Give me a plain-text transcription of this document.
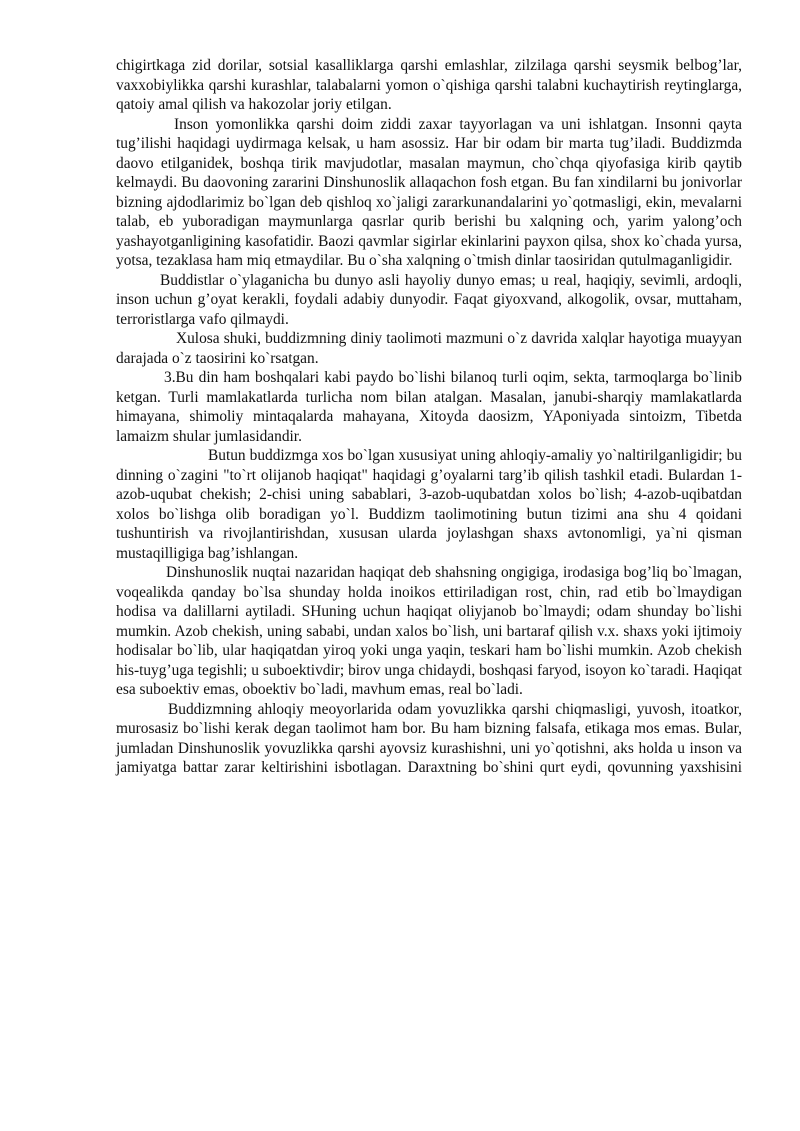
chigirtkaga zid dorilar, sotsial kasalliklarga qarshi emlashlar, zilzilaga qarshi seysmik belbog’lar, vaxxobiylikka qarshi kurashlar, talabalarni yomon o`qishiga qarshi talabni kuchaytirish reytinglarga, qatoiy amal qilish va hakozolar joriy etilgan.

Inson yomonlikka qarshi doim ziddi zaxar tayyorlagan va uni ishlatgan. Insonni qayta tug’ilishi haqidagi uydirmaga kelsak, u ham asossiz. Har bir odam bir marta tug’iladi. Buddizmda daovo etilganidek, boshqa tirik mavjudotlar, masalan maymun, cho`chqa qiyofasiga kirib qaytib kelmaydi. Bu daovoning zararini Dinshunoslik allaqachon fosh etgan. Bu fan xindilarni bu jonivorlar bizning ajdodlarimiz bo`lgan deb qishloq xo`jaligi zararkunandalarini yo`qotmasligi, ekin, mevalarni talab, eb yuboradigan maymunlarga qasrlar qurib berishi bu xalqning och, yarim yalong’och yashayotganligining kasofatidir. Baozi qavmlar sigirlar ekinlarini payxon qilsa, shox ko`chada yursa, yotsa, tezaklasa ham miq etmaydilar. Bu o`sha xalqning o`tmish dinlar taosiridan qutulmaganligidir.

Buddistlar o`ylaganicha bu dunyo asli hayoliy dunyo emas; u real, haqiqiy, sevimli, ardoqli, inson uchun g’oyat kerakli, foydali adabiy dunyodir. Faqat giyoxvand, alkogolik, ovsar, muttaham, terroristlarga vafo qilmaydi.

Xulosa shuki, buddizmning diniy taolimoti mazmuni o`z davrida xalqlar hayotiga muayyan darajada o`z taosirini ko`rsatgan.

3.Bu din ham boshqalari kabi paydo bo`lishi bilanoq turli oqim, sekta, tarmoqlarga bo`linib ketgan. Turli mamlakatlarda turlicha nom bilan atalgan. Masalan, janubi-sharqiy mamlakatlarda himayana, shimoliy mintaqalarda mahayana, Xitoyda daosizm, YAponiyada sintoizm, Tibetda lamaizm shular jumlasidandir.

Butun buddizmga xos bo`lgan xususiyat uning ahloqiy-amaliy yo`naltirilganligidir; bu dinning o`zagini "to`rt olijanob haqiqat" haqidagi g’oyalarni targ’ib qilish tashkil etadi. Bulardan 1-azob-uqubat chekish; 2-chisi uning sabablari, 3-azob-uqubatdan xolos bo`lish; 4-azob-uqibatdan xolos bo`lishga olib boradigan yo`l. Buddizm taolimotining butun tizimi ana shu 4 qoidani tushuntirish va rivojlantirishdan, xususan ularda joylashgan shaxs avtonomligi, ya`ni qisman mustaqilligiga bag’ishlangan.

Dinshunoslik nuqtai nazaridan haqiqat deb shahsning ongigiga, irodasiga bog’liq bo`lmagan, voqealikda qanday bo`lsa shunday holda inoikos ettiriladigan rost, chin, rad etib bo`lmaydigan hodisa va dalillarni aytiladi. SHuning uchun haqiqat oliyjanob bo`lmaydi; odam shunday bo`lishi mumkin. Azob chekish, uning sababi, undan xalos bo`lish, uni bartaraf qilish v.x. shaxs yoki ijtimoiy hodisalar bo`lib, ular haqiqatdan yiroq yoki unga yaqin, teskari ham bo`lishi mumkin. Azob chekish his-tuyg’uga tegishli; u suboektivdir; birov unga chidaydi, boshqasi faryod, isoyon ko`taradi. Haqiqat esa suboektiv emas, oboektiv bo`ladi, mavhum emas, real bo`ladi.

Buddizmning ahloqiy meoyorlarida odam yovuzlikka qarshi chiqmasligi, yuvosh, itoatkor, murosasiz bo`lishi kerak degan taolimot ham bor. Bu ham bizning falsafa, etikaga mos emas. Bular, jumladan Dinshunoslik yovuzlikka qarshi ayovsiz kurashishni, uni yo`qotishni, aks holda u inson va jamiyatga battar zarar keltirishini isbotlagan. Daraxtning bo`shini qurt eydi, qovunning yaxshisini
